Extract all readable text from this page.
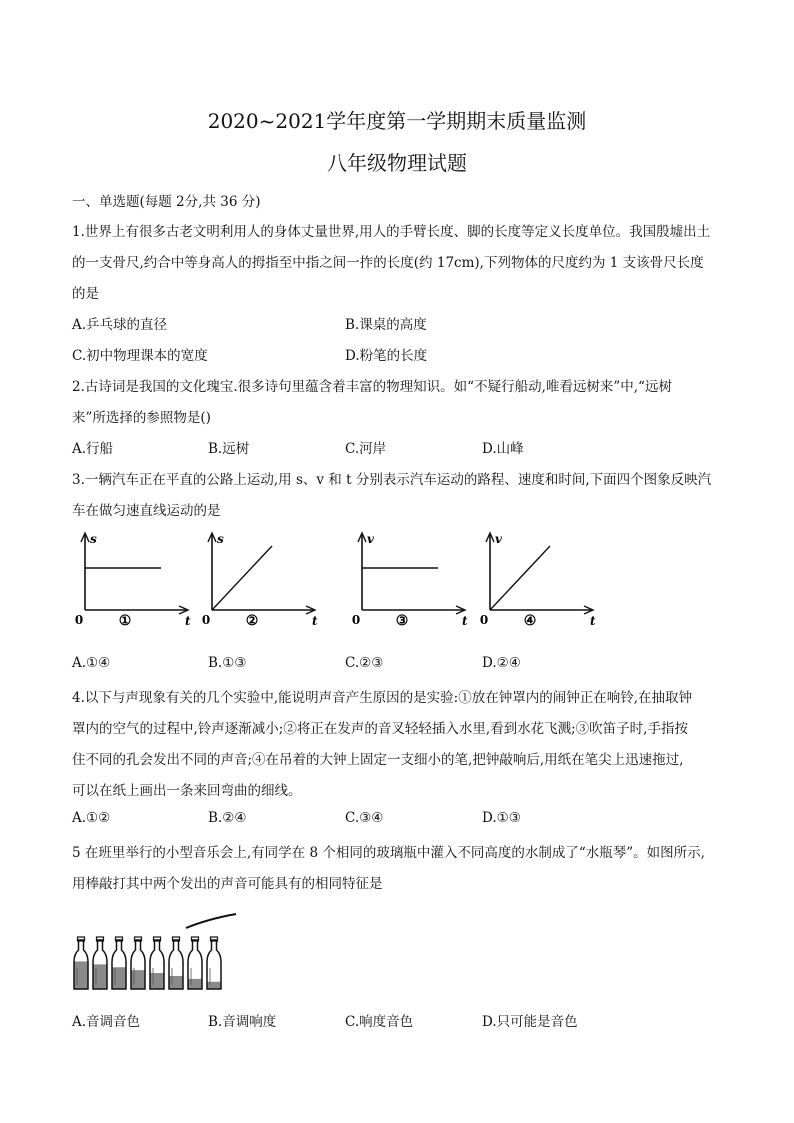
2020~2021学年度第一学期期末质量监测
八年级物理试题
一、单选题(每题 2分,共 36 分)
1.世界上有很多古老文明利用人的身体丈量世界,用人的手臂长度、脚的长度等定义长度单位。我国殷墟出土
的一支骨尺,约合中等身高人的拇指至中指之间一拃的长度(约 17cm),下列物体的尺度约为 1 支该骨尺长度
的是
A.乒乓球的直径	B.课桌的高度
C.初中物理课本的宽度	D.粉笔的长度
2.古诗词是我国的文化瑰宝.很多诗句里蕴含着丰富的物理知识。如“不疑行船动,唯看远树来”中,“远树
来”所选择的参照物是()
A.行船	B.远树	C.河岸	D.山峰
3.一辆汽车正在平直的公路上运动,用 s、v 和 t 分别表示汽车运动的路程、速度和时间,下面四个图象反映汽
车在做匀速直线运动的是
s
t
0	①
s
t
0	②
v
t
0	③
v
t
0	④
A.①④	B.①③	C.②③	D.②④
4.以下与声现象有关的几个实验中,能说明声音产生原因的是实验:①放在钟罩内的闹钟正在响铃,在抽取钟
罩内的空气的过程中,铃声逐渐减小;②将正在发声的音叉轻轻插入水里,看到水花飞溅;③吹笛子时,手指按
住不同的孔会发出不同的声音;④在吊着的大钟上固定一支细小的笔,把钟敲响后,用纸在笔尖上迅速拖过,
可以在纸上画出一条来回弯曲的细线。
A.①②	B.②④	C.③④	D.①③
5 在班里举行的小型音乐会上,有同学在 8 个相同的玻璃瓶中灌入不同高度的水制成了“水瓶琴”。如图所示,
用棒敲打其中两个发出的声音可能具有的相同特征是
A.音调音色	B.音调响度	C.响度音色	D.只可能是音色
